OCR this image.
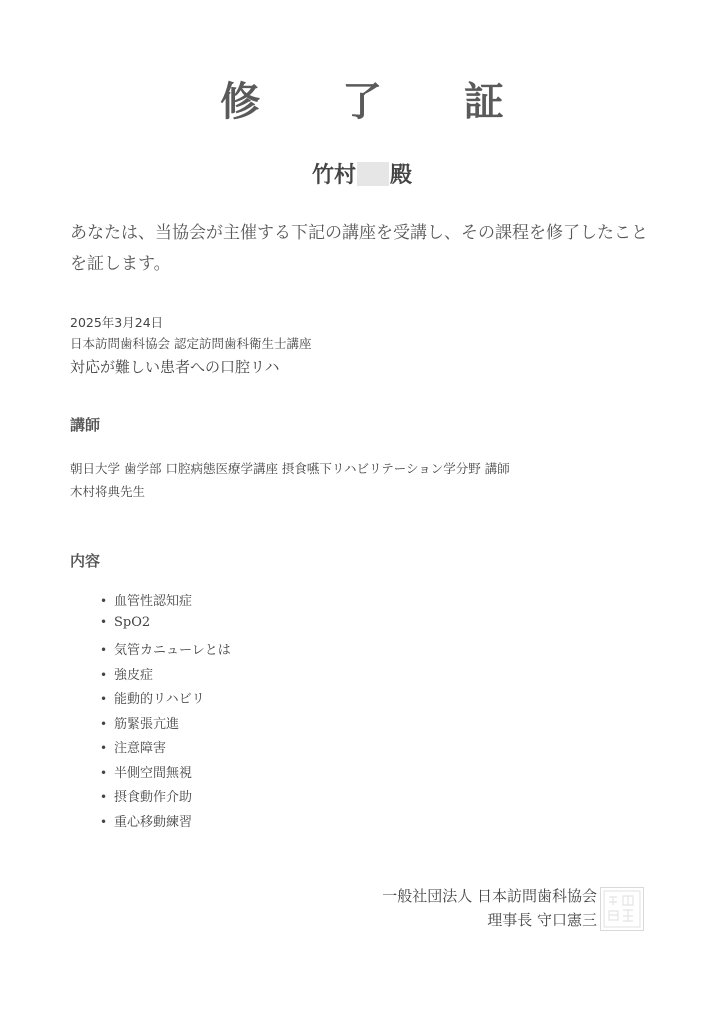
修 了 証
竹村 殿
あなたは、当協会が主催する下記の講座を受講し、その課程を修了したことを証します。
2025年3月24日
日本訪問歯科協会 認定訪問歯科衛生士講座
対応が難しい患者への口腔リハ
講師
朝日大学 歯学部 口腔病態医療学講座 摂食嚥下リハビリテーション学分野 講師
木村将典先生
内容
• 血管性認知症
• SpO2
• 気管カニューレとは
• 強皮症
• 能動的リハビリ
• 筋緊張亢進
• 注意障害
• 半側空間無視
• 摂食動作介助
• 重心移動練習
一般社団法人 日本訪問歯科協会
理事長 守口憲三
